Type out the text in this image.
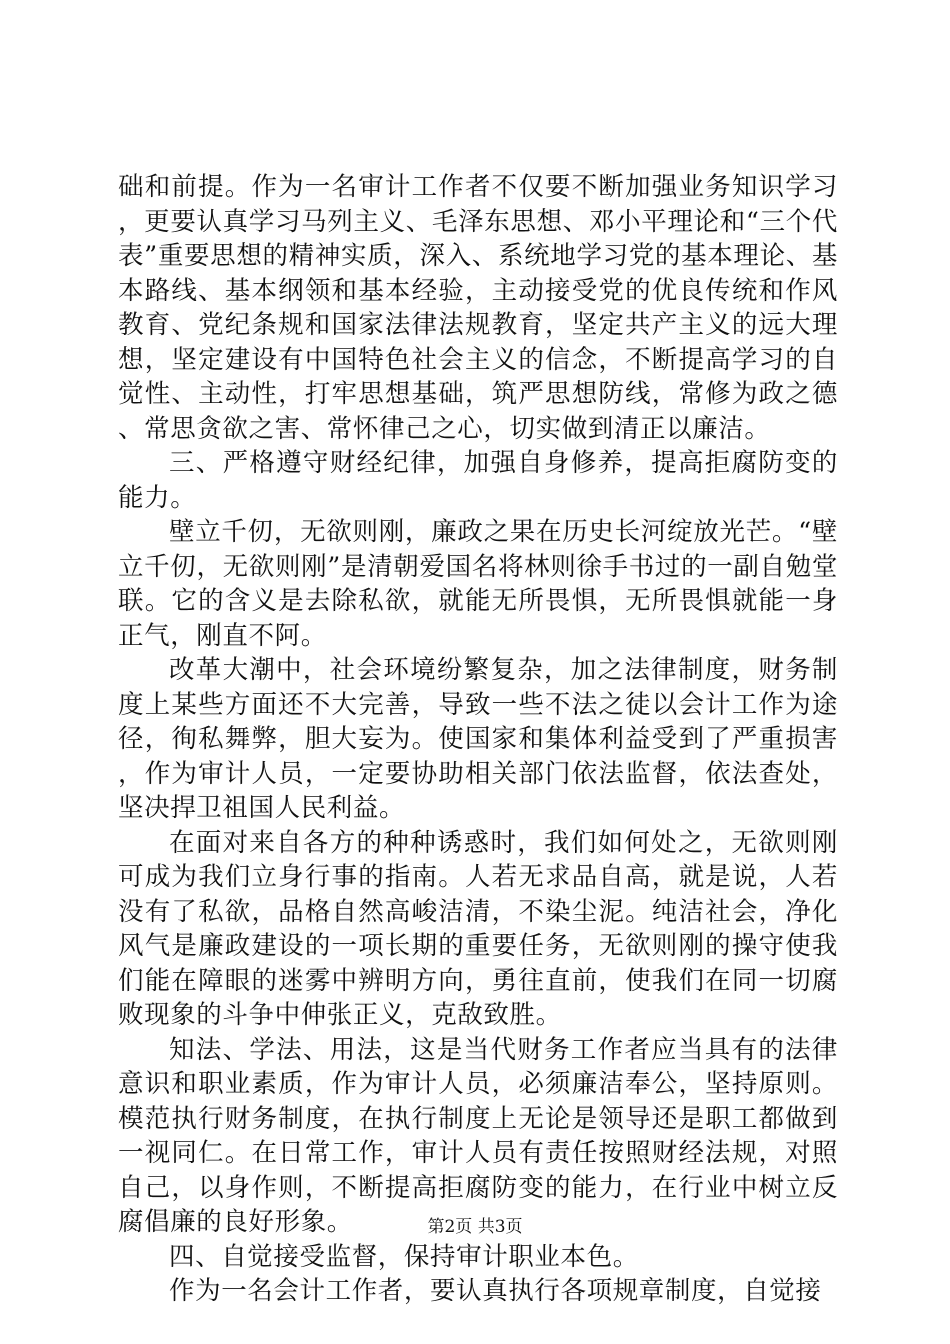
础和前提。作为一名审计工作者不仅要不断加强业务知识学习，更要认真学习马列主义、毛泽东思想、邓小平理论和“三个代表”重要思想的精神实质，深入、系统地学习党的基本理论、基本路线、基本纲领和基本经验，主动接受党的优良传统和作风教育、党纪条规和国家法律法规教育，坚定共产主义的远大理想，坚定建设有中国特色社会主义的信念，不断提高学习的自觉性、主动性，打牢思想基础，筑严思想防线，常修为政之德、常思贪欲之害、常怀律己之心，切实做到清正以廉洁。

三、严格遵守财经纪律，加强自身修养，提高拒腐防变的能力。

壁立千仞，无欲则刚，廉政之果在历史长河绽放光芒。“壁立千仞，无欲则刚”是清朝爱国名将林则徐手书过的一副自勉堂联。它的含义是去除私欲，就能无所畏惧，无所畏惧就能一身正气，刚直不阿。

改革大潮中，社会环境纷繁复杂，加之法律制度，财务制度上某些方面还不大完善，导致一些不法之徒以会计工作为途径，徇私舞弊，胆大妄为。使国家和集体利益受到了严重损害，作为审计人员，一定要协助相关部门依法监督，依法查处，坚决捍卫祖国人民利益。

在面对来自各方的种种诱惑时，我们如何处之，无欲则刚可成为我们立身行事的指南。人若无求品自高，就是说，人若没有了私欲，品格自然高峻洁清，不染尘泥。纯洁社会，净化风气是廉政建设的一项长期的重要任务，无欲则刚的操守使我们能在障眼的迷雾中辨明方向，勇往直前，使我们在同一切腐败现象的斗争中伸张正义，克敌致胜。

知法、学法、用法，这是当代财务工作者应当具有的法律意识和职业素质，作为审计人员，必须廉洁奉公，坚持原则。模范执行财务制度，在执行制度上无论是领导还是职工都做到一视同仁。在日常工作，审计人员有责任按照财经法规，对照自己，以身作则，不断提高拒腐防变的能力，在行业中树立反腐倡廉的良好形象。

四、自觉接受监督，保持审计职业本色。

作为一名会计工作者，要认真执行各项规章制度，自觉接

第2页 共3页
